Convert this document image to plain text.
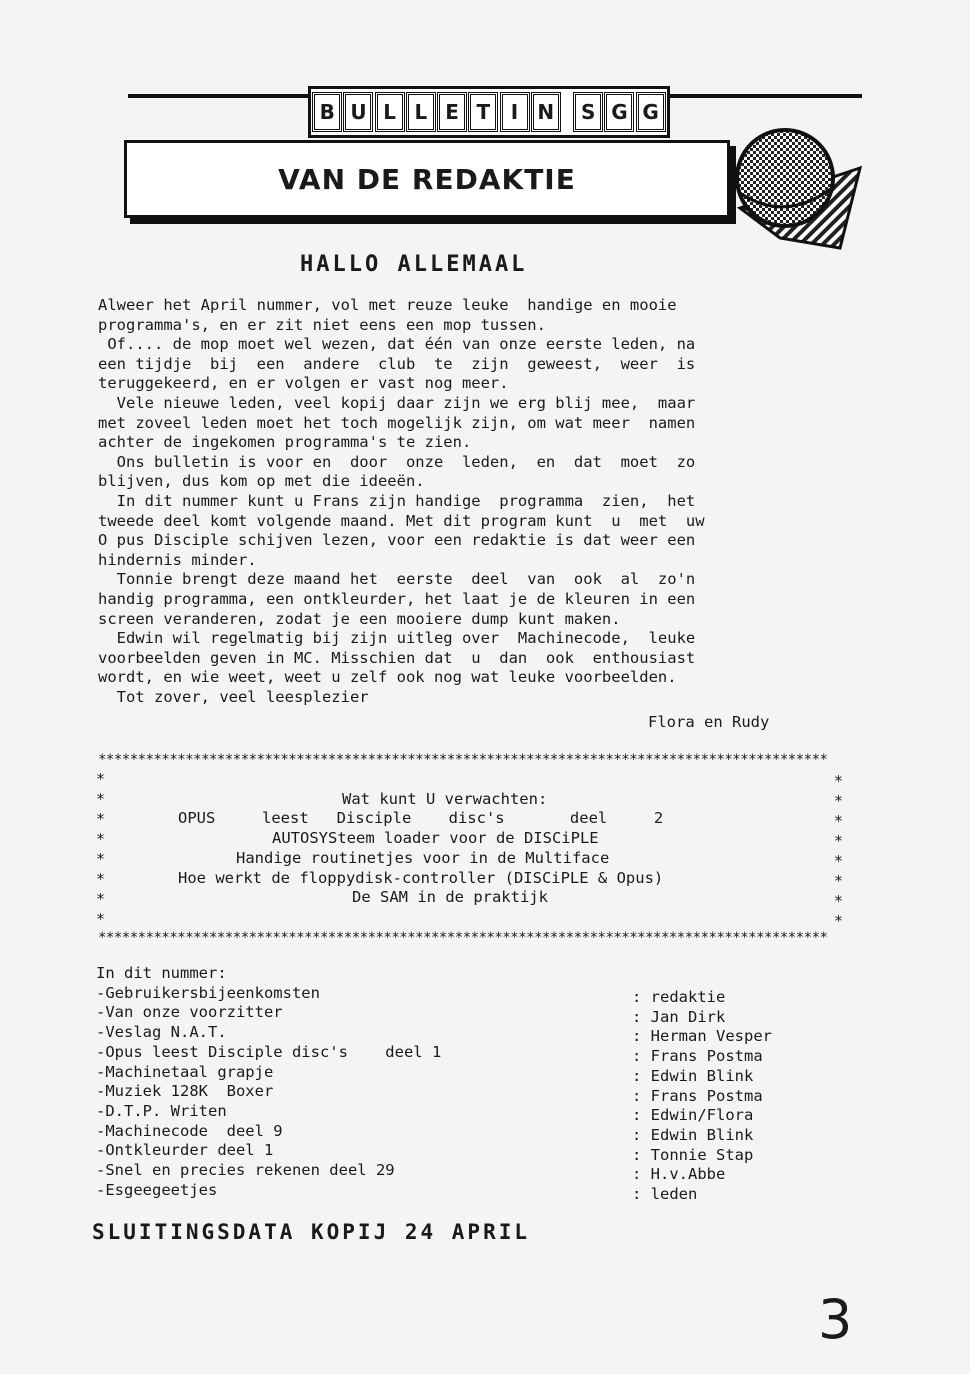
B U L L E T	I N	S G G
VAN DE REDAKTIE
HALLO ALLEMAAL
Alweer het April nummer, vol met reuze leuke  handige en mooie
programma's, en er zit niet eens een mop tussen.
Of.... de mop moet wel wezen, dat één van onze eerste leden, na
een tijdje  bij  een  andere  club  te  zijn  geweest,  weer  is
teruggekeerd, en er volgen er vast nog meer.
Vele nieuwe leden, veel kopij daar zijn we erg blij mee,  maar
met zoveel leden moet het toch mogelijk zijn, om wat meer  namen
achter de ingekomen programma's te zien.
Ons bulletin is voor en  door  onze  leden,  en  dat  moet  zo
blijven, dus kom op met die ideeën.
In dit nummer kunt u Frans zijn handige  programma  zien,  het
tweede deel komt volgende maand. Met dit program kunt  u  met  uw
O pus Disciple schijven lezen, voor een redaktie is dat weer een
hindernis minder.
Tonnie brengt deze maand het  eerste  deel  van  ook  al  zo'n
handig programma, een ontkleurder, het laat je de kleuren in een
screen veranderen, zodat je een mooiere dump kunt maken.
Edwin wil regelmatig bij zijn uitleg over  Machinecode,  leuke
voorbeelden geven in MC. Misschien dat  u  dan  ook  enthousiast
wordt, en wie weet, weet u zelf ook nog wat leuke voorbeelden.
Tot zover, veel leesplezier
Flora en Rudy
********************************************************************************************
********************************************************************************************
*
*
*
*
*
*
*
*
*
*
*
*
*
*
*
*
Wat kunt U verwachten:
OPUS     leest   Disciple    disc's       deel     2
AUTOSYSteem loader voor de DISCiPLE
Handige routinetjes voor in de Multiface
Hoe werkt de floppydisk-controller (DISCiPLE & Opus)
De SAM in de praktijk
In dit nummer:
-Gebruikersbijeenkomsten
-Van onze voorzitter
-Veslag N.A.T.
-Opus leest Disciple disc's    deel 1
-Machinetaal grapje
-Muziek 128K  Boxer
-D.T.P. Writen
-Machinecode  deel 9
-Ontkleurder deel 1
-Snel en precies rekenen deel 29
-Esgeegeetjes
: redaktie
: Jan Dirk
: Herman Vesper
: Frans Postma
: Edwin Blink
: Frans Postma
: Edwin/Flora
: Edwin Blink
: Tonnie Stap
: H.v.Abbe
: leden
SLUITINGSDATA KOPIJ 24 APRIL
3
